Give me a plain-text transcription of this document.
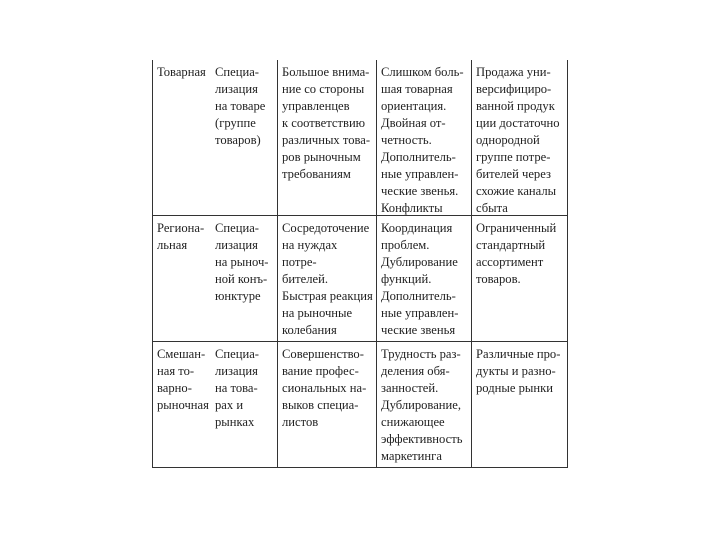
Товарная Специа-
лизация
на товаре
(группе
товаров)
Большое внима-
ние со стороны
управленцев
к соответствию
различных това-
ров рыночным
требованиям
Слишком боль-
шая товарная
ориентация.
Двойная от-
четность.
Дополнитель-
ные управлен-
ческие звенья.
Конфликты
Продажа уни-
версифициро-
ванной продук
ции достаточно
однородной
группе потре-
бителей через
схожие каналы
сбыта
Региона-
льная
Специа-
лизация
на рыноч-
ной конъ-
юнктуре
Сосредоточение
на нуждах потре-
бителей.
Быстрая реакция
на рыночные
колебания
Координация
проблем.
Дублирование
функций.
Дополнитель-
ные управлен-
ческие звенья
Ограниченный
стандартный
ассортимент
товаров.
Смешан-
ная то-
варно-
рыночная
Специа-
лизация
на това-
рах и
рынках
Совершенство-
вание профес-
сиональных на-
выков специа-
листов
Трудность раз-
деления обя-
занностей.
Дублирование,
снижающее
эффективность
маркетинга
Различные про-
дукты и разно-
родные рынки
